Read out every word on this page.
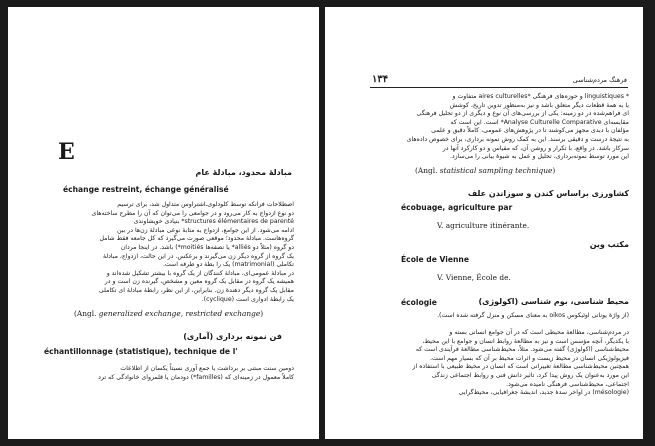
E
مبادلۀ محدود، مبادلۀ عام
échange restreint, échange généralisé
اصطلاحات فرانکه توسط کلود‌لوی‌ـ‌اشتراوس متداول شد، برای ترسیم
دو نوع ازدواج به کار می‌رود و در جوامعی را می‌توان که آن را مطرح ساخته‌های
structures élémentaires de parenté* بنیادی خویشاوندی
ادامه می‌شود. از این جوامع، ازدواج به مثابهٔ نوعی مبادلهٔ زن‌ها در بین
گروه‌هاست. مبادلهٔ محدود؛ موقعی صورت می‌گیرد که کل جامعه فقط شامل
دو گروه (مثلاً دو alliés* یا نصفه‌ها moitiés*) باشد. در اینجا مردان
یک گروه از گروه دیگر زن می‌گیرند و برعکس. در این حالت، ازدواج، مبادلهٔ
تکاملی (matrimonial) یک را بطهٔ دو طرفه است.
در مبادلهٔ عمومی‌ای، مبادلهٔ کنندگان از یک گروه با بیشتر تشکیل شده‌اند و
همیشه یک گروه در مقابل یک گروه معین و مشخص، گیرنده زن است و در
مقابل یک گروه دیگر دهندهٔ زن. بنابراین، از این نظر، رابطهٔ مبادلهٔ ای تکاملی
یک رابطهٔ ادواری است (cyclique).
(Angl. generalized exchange, restricted exchange)
فن نمونه برداری (آماری)
échantillonnage (statistique), technique de l'
دومین سنت مبتنی بر برداشت یا جمع آوری نسبتاً یکسان از اطلاعات
کاملاً معمول در زمینه‌ای که (familles*) دودمان یا قلمرو‌ای خانوادگی که ترد
۱۳۴	فرهنگ مردم‌شناسی
* linguistiques و حوزه‌های فرهنگی *aires culturelles متفاوت و
یا به همۀ قطعات دیگر متعلق باشد و نیز به‌منظور تدوین تاریخ، کوشش
‌ای فراهم‌شده در دو زمینه: یکی از بررسی‌های آن نوع و دیگری از دو تحلیل فرهنگی
مقایسه‌ای Analyse Culturelle Comparative* است. این است که
مؤلفان با دیدی مجهز می‌کوشند تا در پژوهش‌های عمومی، کاملاً دقیق و علمی
به نتیجۀ درست و دقیقی برسند. این به کمک روش نمونه برداری، برای خصوص داده‌های
سرکار باشد. در واقع، با تکرار و روشن آن، که مقیاس و دو کارکرد آنها در
‌این مورد توسط نمونه‌برداری، تحلیل و عمل به شیوهٔ بیانی را می‌سازد.
(Angl. statistical sampling technique)
کشاورزی براساس کندن و سوزاندن علف
écobuage, agriculture par
V. agriculture itinérante.
مکتب وین
École de Vienne
V. Vienne, École de.
محیط شناسی، بوم شناسی (اکولوژی)
écologie
(از واژهٔ یونانی اوئیکوس oikos به معنای مسکن و منزل گرفته شده است).
در مردم‌شناسی، مطالعهٔ محیطی است که در آن جوامع انسانی بسته و
با یکدیگر، آنچه مؤسس است و نیز به مطالعهٔ روابط انسان و جوامع با این محیط،
محیط‌شناسی (اکولوژی) گفته می‌شود. مثلاً، محیط‌شناسی مطالعهٔ فرآیندی است که
فیزیولوژیکی انسان در محیط زیست و اثرات محیط بر آن که بسیار مهم است.
همچنین محیط‌شناسی مطالعهٔ تغییراتی است که انسان در محیط طبیعی با استفاده از
این مورد به‌عنوان یک روش پیدا کرد، تاثیر دانش فنی و روابط اجتماعی زندگی
اجتماعی، محیط‌شناسی فرهنگی نامیده می‌شود.
(mésologie) در اواخر سدهٔ جدید، اندیشهٔ جغرافیایی، محیط‌گرایی
